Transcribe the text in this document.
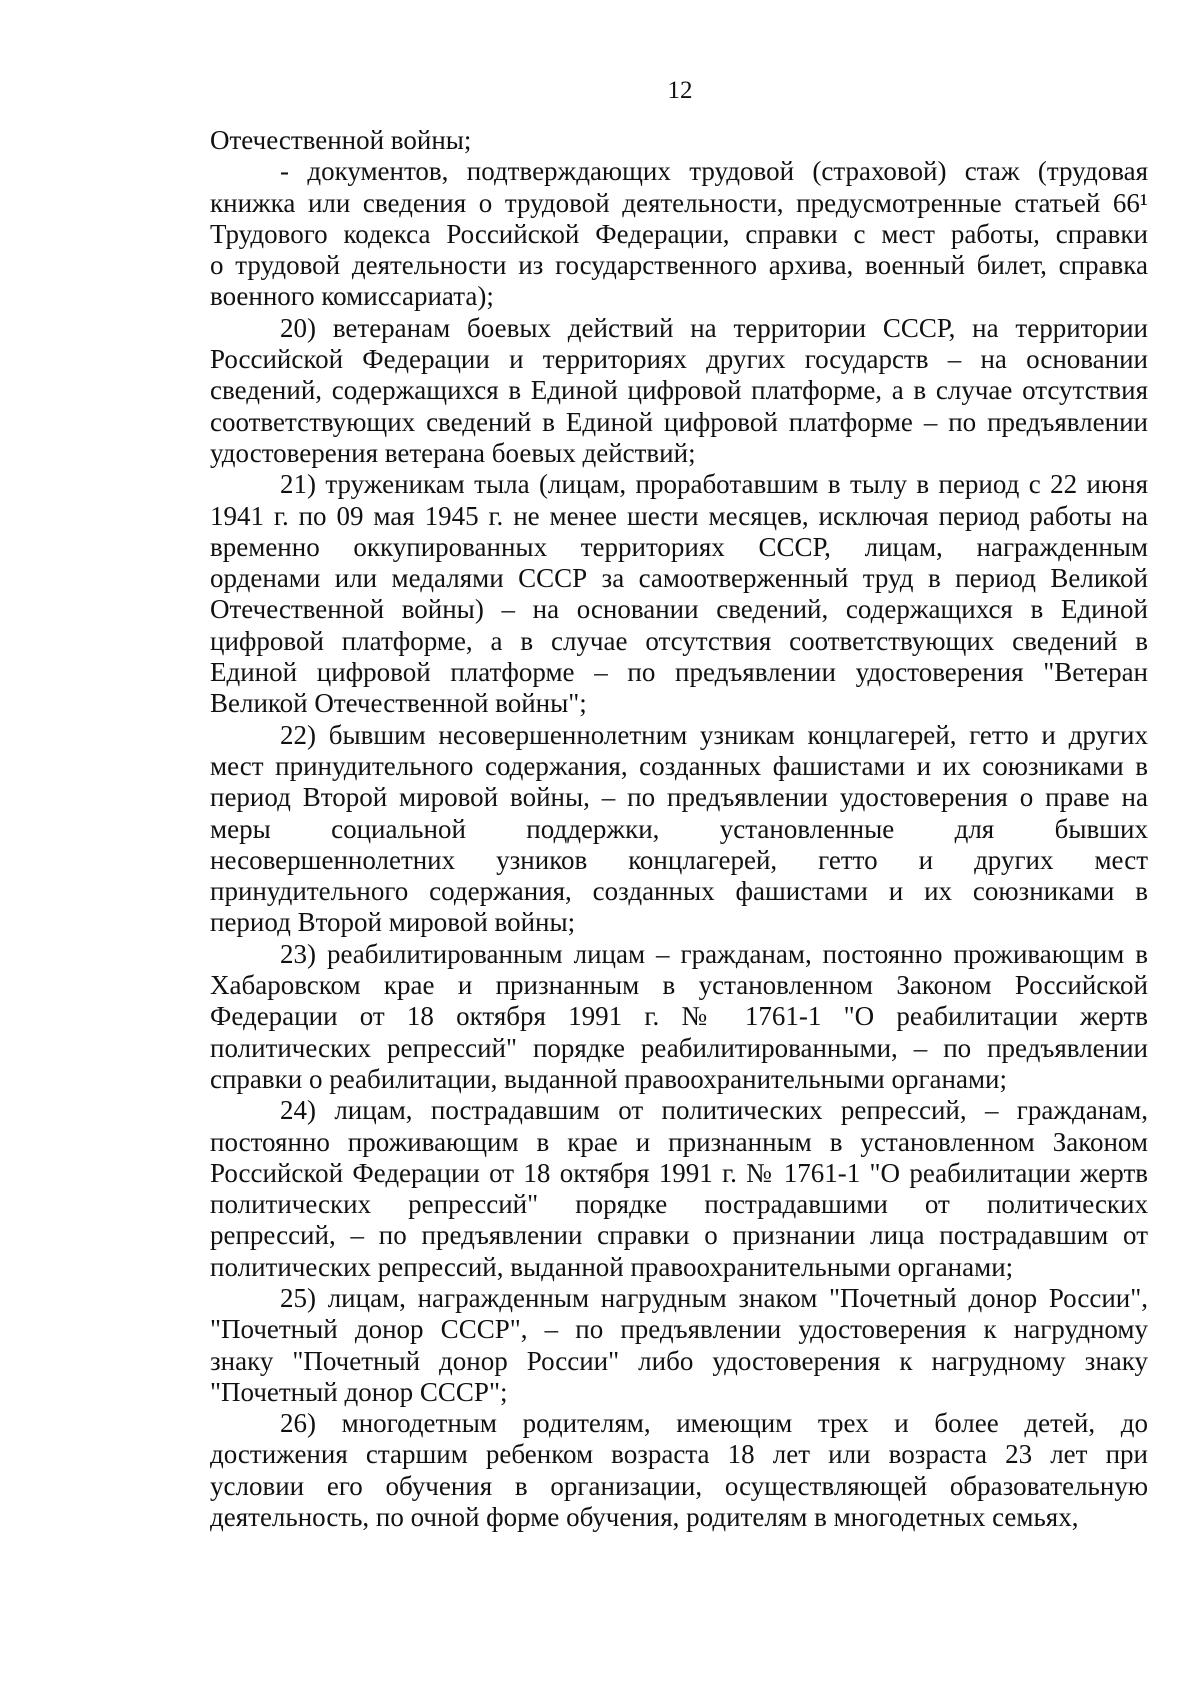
12
Отечественной войны;
- документов, подтверждающих трудовой (страховой) стаж (трудовая
книжка или сведения о трудовой деятельности, предусмотренные статьей 66¹
Трудового кодекса Российской Федерации, справки с мест работы, справки
о трудовой деятельности из государственного архива, военный билет, справка
военного комиссариата);
20) ветеранам боевых действий на территории СССР, на территории
Российской Федерации и территориях других государств – на основании
сведений, содержащихся в Единой цифровой платформе, а в случае отсутствия
соответствующих сведений в Единой цифровой платформе – по предъявлении
удостоверения ветерана боевых действий;
21) труженикам тыла (лицам, проработавшим в тылу в период с 22 июня
1941 г. по 09 мая 1945 г. не менее шести месяцев, исключая период работы на
временно оккупированных территориях СССР, лицам, награжденным
орденами или медалями СССР за самоотверженный труд в период Великой
Отечественной войны) – на основании сведений, содержащихся в Единой
цифровой платформе, а в случае отсутствия соответствующих сведений в
Единой цифровой платформе – по предъявлении удостоверения "Ветеран
Великой Отечественной войны";
22) бывшим несовершеннолетним узникам концлагерей, гетто и других
мест принудительного содержания, созданных фашистами и их союзниками в
период Второй мировой войны, – по предъявлении удостоверения о праве на
меры социальной поддержки, установленные для бывших
несовершеннолетних узников концлагерей, гетто и других мест
принудительного содержания, созданных фашистами и их союзниками в
период Второй мировой войны;
23) реабилитированным лицам – гражданам, постоянно проживающим в
Хабаровском крае и признанным в установленном Законом Российской
Федерации от 18 октября 1991 г. № 1761-1 "О реабилитации жертв
политических репрессий" порядке реабилитированными, – по предъявлении
справки о реабилитации, выданной правоохранительными органами;
24) лицам, пострадавшим от политических репрессий, – гражданам,
постоянно проживающим в крае и признанным в установленном Законом
Российской Федерации от 18 октября 1991 г. № 1761-1 "О реабилитации жертв
политических репрессий" порядке пострадавшими от политических
репрессий, – по предъявлении справки о признании лица пострадавшим от
политических репрессий, выданной правоохранительными органами;
25) лицам, награжденным нагрудным знаком "Почетный донор России",
"Почетный донор СССР", – по предъявлении удостоверения к нагрудному
знаку "Почетный донор России" либо удостоверения к нагрудному знаку
"Почетный донор СССР";
26) многодетным родителям, имеющим трех и более детей, до
достижения старшим ребенком возраста 18 лет или возраста 23 лет при
условии его обучения в организации, осуществляющей образовательную
деятельность, по очной форме обучения, родителям в многодетных семьях,
